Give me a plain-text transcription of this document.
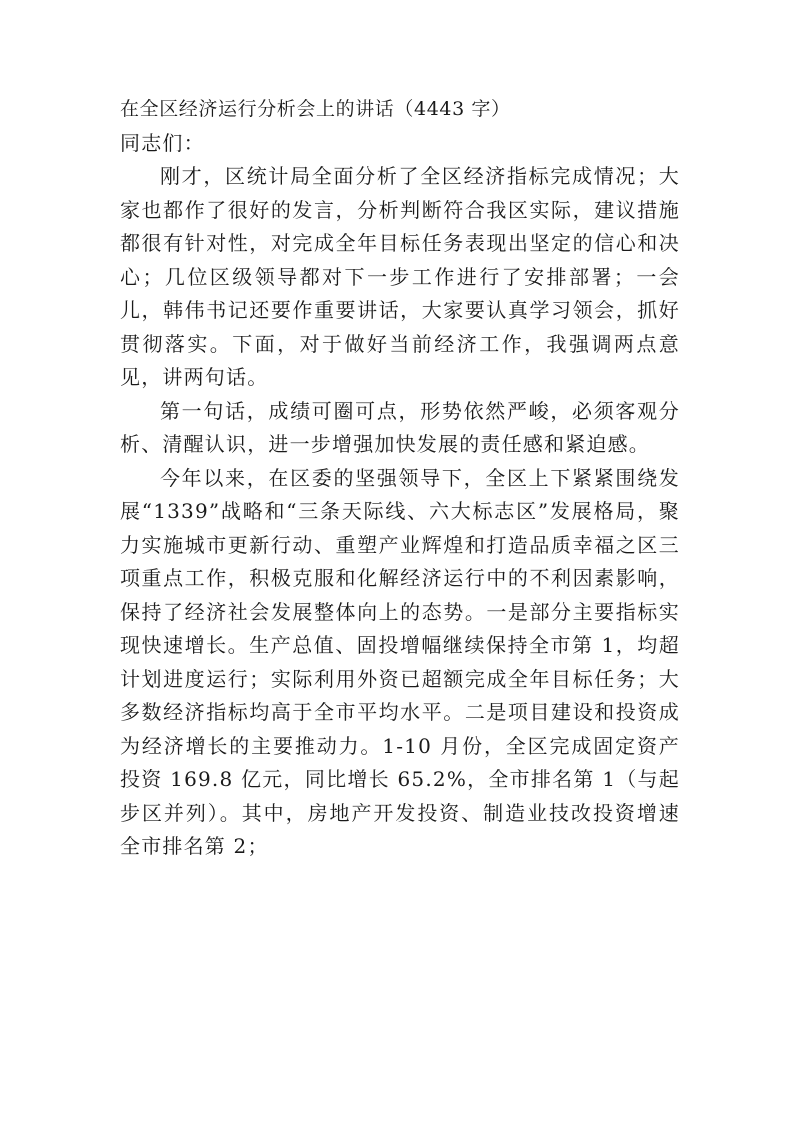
在全区经济运行分析会上的讲话（4443 字）

同志们：

刚才，区统计局全面分析了全区经济指标完成情况；大家也都作了很好的发言，分析判断符合我区实际，建议措施都很有针对性，对完成全年目标任务表现出坚定的信心和决心；几位区级领导都对下一步工作进行了安排部署；一会儿，韩伟书记还要作重要讲话，大家要认真学习领会，抓好贯彻落实。下面，对于做好当前经济工作，我强调两点意见，讲两句话。

第一句话，成绩可圈可点，形势依然严峻，必须客观分析、清醒认识，进一步增强加快发展的责任感和紧迫感。

今年以来，在区委的坚强领导下，全区上下紧紧围绕发展“1339”战略和“三条天际线、六大标志区”发展格局，聚力实施城市更新行动、重塑产业辉煌和打造品质幸福之区三项重点工作，积极克服和化解经济运行中的不利因素影响，保持了经济社会发展整体向上的态势。一是部分主要指标实现快速增长。生产总值、固投增幅继续保持全市第 1，均超计划进度运行；实际利用外资已超额完成全年目标任务；大多数经济指标均高于全市平均水平。二是项目建设和投资成为经济增长的主要推动力。1-10 月份，全区完成固定资产投资 169.8 亿元，同比增长 65.2%，全市排名第 1（与起步区并列）。其中，房地产开发投资、制造业技改投资增速全市排名第 2；
